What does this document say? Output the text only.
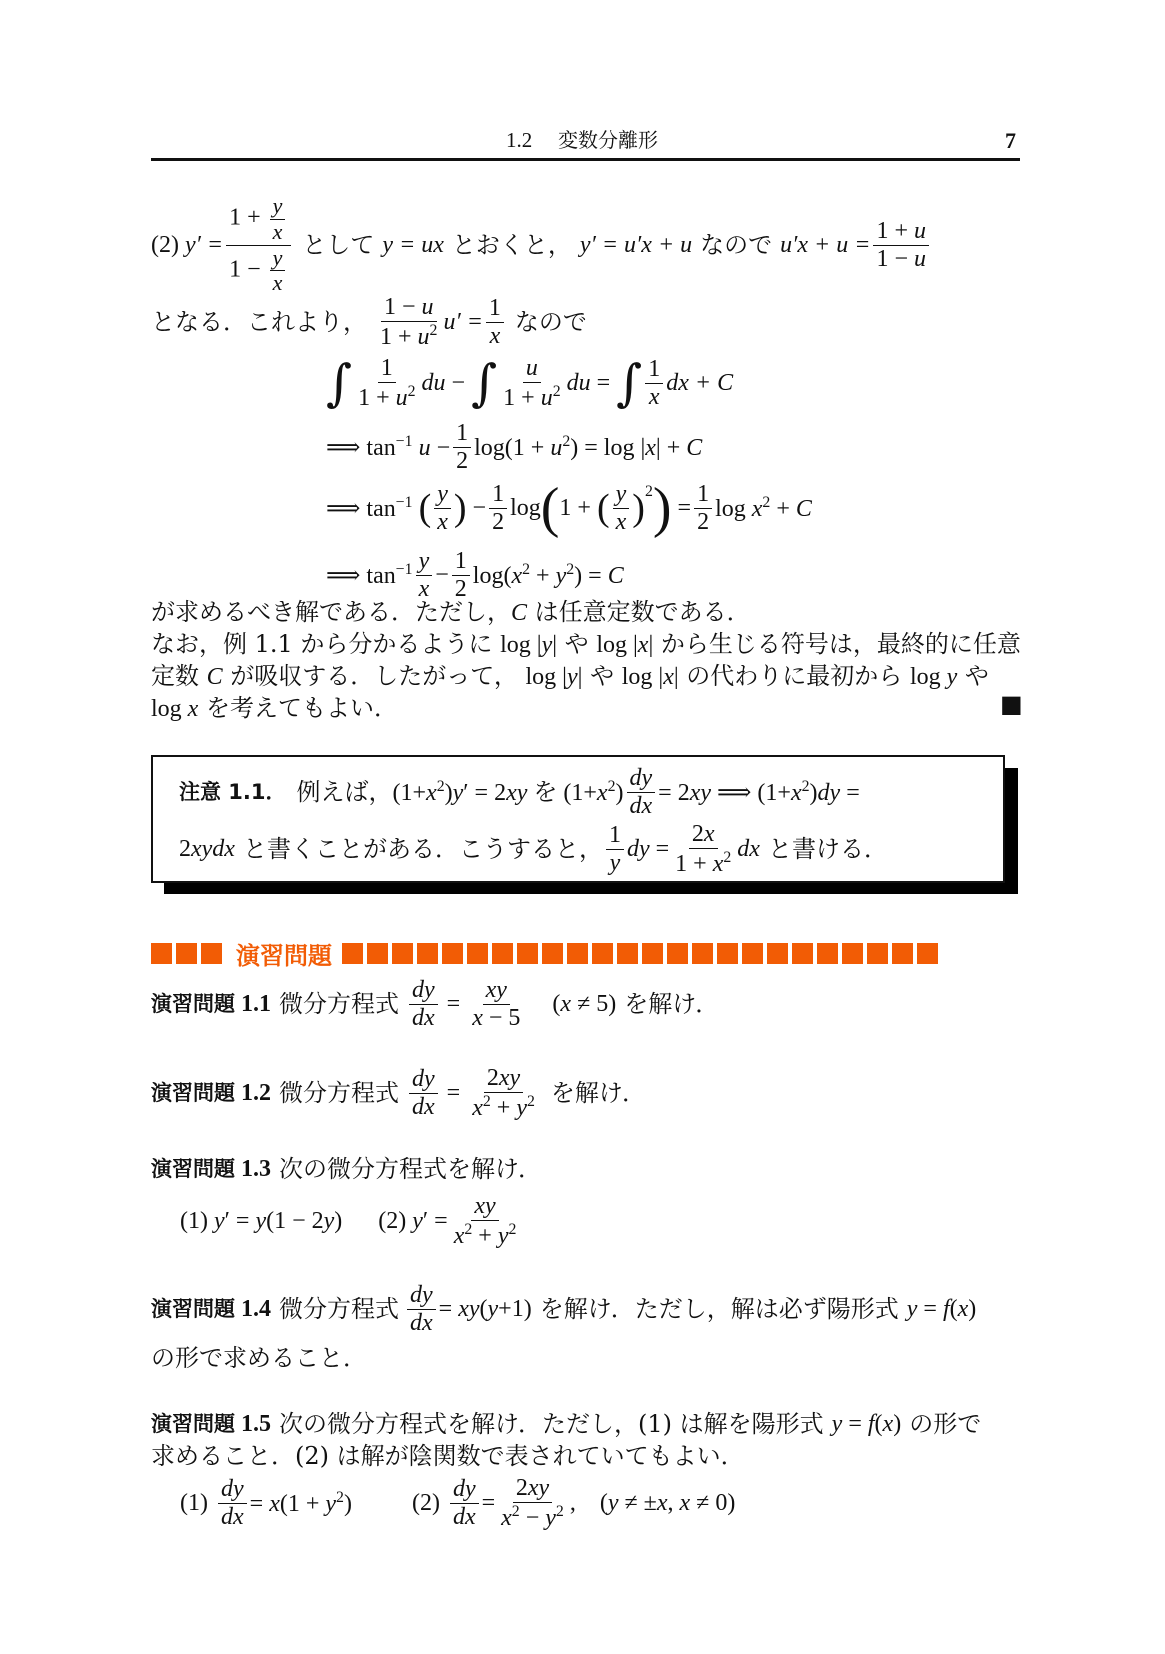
1.2 変数分離形	7
(2) $y' = \frac{1 + \frac{y}{x}}{1 - \frac{y}{x}}$ として y = ux とおくと， y′ = u′x + u なので $u'x + u = \frac{1 + u}{1 - u}$
となる．これより， $\frac{1 - u}{1 + u^2} u' = \frac{1}{x}$ なので
∫ $\frac{1}{1 + u^2}$ du − ∫ $\frac{u}{1 + u^2}$ du = ∫ $\frac{1}{x}$ dx + C
⟹ $\tan^{-1} u - \frac{1}{2} \log(1 + u^2) = \log |x| + C$
⟹ $\tan^{-1}$ ( $\frac{y}{x}$ ) − $\frac{1}{2}$ log ( 1 + ( $\frac{y}{x} )^2$ ) = $\frac{1}{2}$ $\log x^2 + C$
⟹ $\tan^{-1} \frac{y}{x} - \frac{1}{2} \log(x^2 + y^2) = C$
が求めるべき解である．ただし，C は任意定数である．
なお，例 1.1 から分かるように log |y| や log |x| から生じる符号は，最終的に任意
定数 C が吸収する．したがって， log |y| や log |x| の代わりに最初から log y や
log x を考えてもよい．	■
注意 1.1． 例えば， $(1+x^2)y' = 2xy$ を $(1+x^2) \frac{dy}{dx} = 2xy$ ⟹ $(1+x^2)dy$ =
2xydx と書くことがある．こうすると， $\frac{1}{y}$ dy = $\frac{2x}{1 + x^2}$ dx と書ける．
演習問題
演習問題 1.1 微分方程式 $\frac{dy}{dx} = \frac{xy}{x - 5} (x \ne 5)$ を解け．
演習問題 1.2 微分方程式 $\frac{dy}{dx} = \frac{2xy}{x^2 + y^2}$ を解け．
演習問題 1.3 次の微分方程式を解け．
(1) y′ = y(1 − 2y) (2) $y' = \frac{xy}{x^2 + y^2}$
演習問題 1.4 微分方程式 $\frac{dy}{dx} = xy(y+1)$ を解け．ただし，解は必ず陽形式 y = f(x)
の形で求めること．
演習問題 1.5 次の微分方程式を解け．ただし，(1) は解を陽形式 y = f(x) の形で
求めること．(2) は解が陰関数で表されていてもよい．
$(1) \frac{dy}{dx} = x(1 + y^2)$	$(2) \frac{dy}{dx} = \frac{2xy}{x^2 - y^2}$ , (y ≠ ±x, x ≠ 0)
